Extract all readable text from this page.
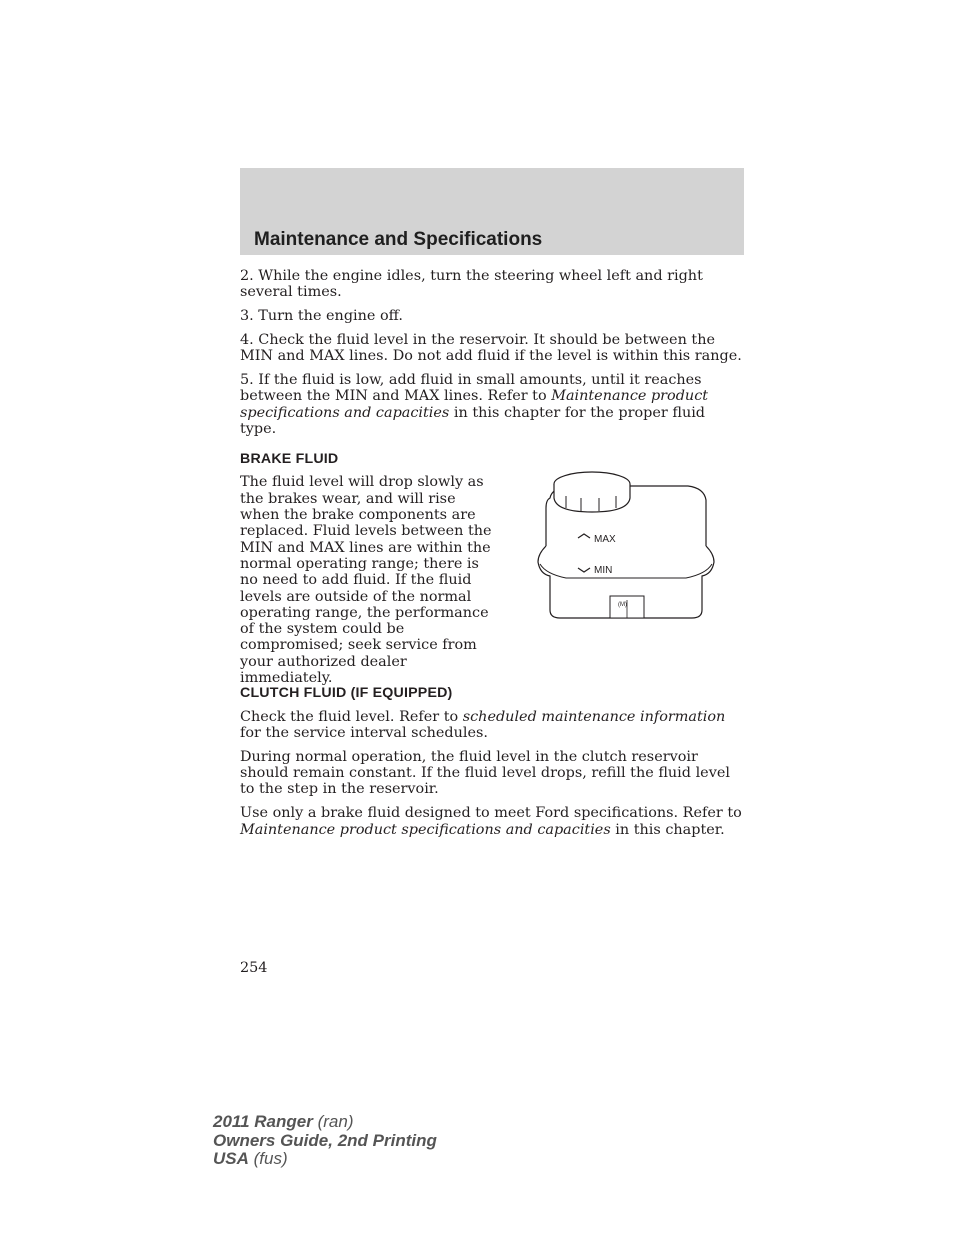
Maintenance and Specifications

2. While the engine idles, turn the steering wheel left and right several times.

3. Turn the engine off.

4. Check the fluid level in the reservoir. It should be between the MIN and MAX lines. Do not add fluid if the level is within this range.

5. If the fluid is low, add fluid in small amounts, until it reaches between the MIN and MAX lines. Refer to Maintenance product specifications and capacities in this chapter for the proper fluid type.

BRAKE FLUID

The fluid level will drop slowly as the brakes wear, and will rise when the brake components are replaced. Fluid levels between the MIN and MAX lines are within the normal operating range; there is no need to add fluid. If the fluid levels are outside of the normal operating range, the performance of the system could be compromised; seek service from your authorized dealer immediately.

MAX
MIN
(M)
CLUTCH FLUID (IF EQUIPPED)

Check the fluid level. Refer to scheduled maintenance information for the service interval schedules.

During normal operation, the fluid level in the clutch reservoir should remain constant. If the fluid level drops, refill the fluid level to the step in the reservoir.

Use only a brake fluid designed to meet Ford specifications. Refer to Maintenance product specifications and capacities in this chapter.

254
2011 Ranger (ran)
Owners Guide, 2nd Printing
USA (fus)
